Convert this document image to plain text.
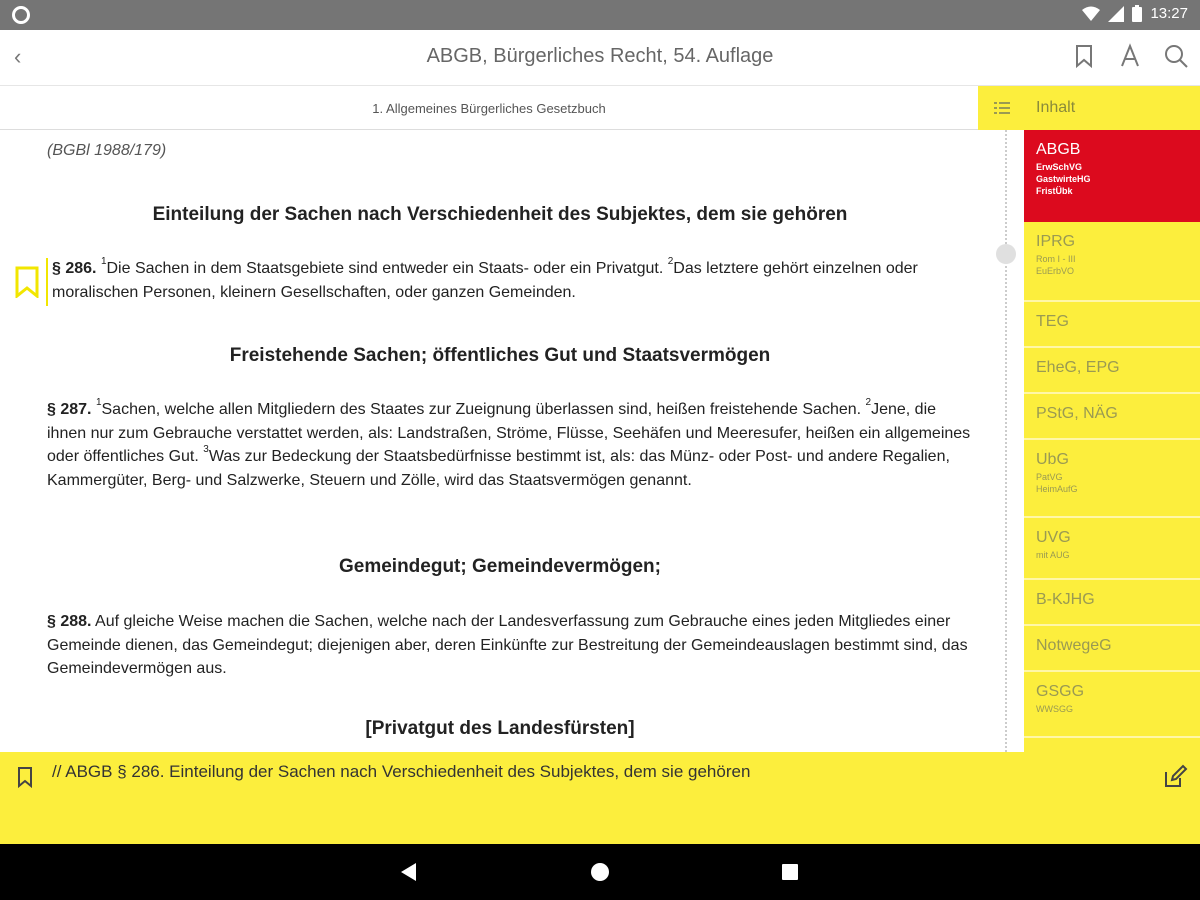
13:27
‹	ABGB, Bürgerliches Recht, 54. Auflage
1. Allgemeines Bürgerliches Gesetzbuch	Inhalt
(BGBl 1988/179)
Einteilung der Sachen nach Verschiedenheit des Subjektes, dem sie gehören
§ 286. $^1$Die Sachen in dem Staatsgebiete sind entweder ein Staats- oder ein Privatgut. $^2$Das letztere gehört einzelnen oder moralischen Personen, kleinern Gesellschaften, oder ganzen Gemeinden.
Freistehende Sachen; öffentliches Gut und Staatsvermögen
§ 287. $^1$Sachen, welche allen Mitgliedern des Staates zur Zueignung überlassen sind, heißen freistehende Sachen. $^2$Jene, die ihnen nur zum Gebrauche verstattet werden, als: Landstraßen, Ströme, Flüsse, Seehäfen und Meeresufer, heißen ein allgemeines oder öffentliches Gut. $^3$Was zur Bedeckung der Staatsbedürfnisse bestimmt ist, als: das Münz- oder Post- und andere Regalien, Kammergüter, Berg- und Salzwerke, Steuern und Zölle, wird das Staatsvermögen genannt.
Gemeindegut; Gemeindevermögen;
§ 288. Auf gleiche Weise machen die Sachen, welche nach der Landesverfassung zum Gebrauche eines jeden Mitgliedes einer Gemeinde dienen, das Gemeindegut; diejenigen aber, deren Einkünfte zur Bestreitung der Gemeindeauslagen bestimmt sind, das Gemeindevermögen aus.
[Privatgut des Landesfürsten]
ABGB
ErwSchVG
GastwirteHG
FristÜbk
IPRG
Rom I - III
EuErbVO
TEG
EheG, EPG
PStG, NÄG
UbG
PatVG
HeimAufG
UVG
mit AUG
B-KJHG
NotwegeG
GSGG
WWSGG
// ABGB § 286. Einteilung der Sachen nach Verschiedenheit des Subjektes, dem sie gehören
